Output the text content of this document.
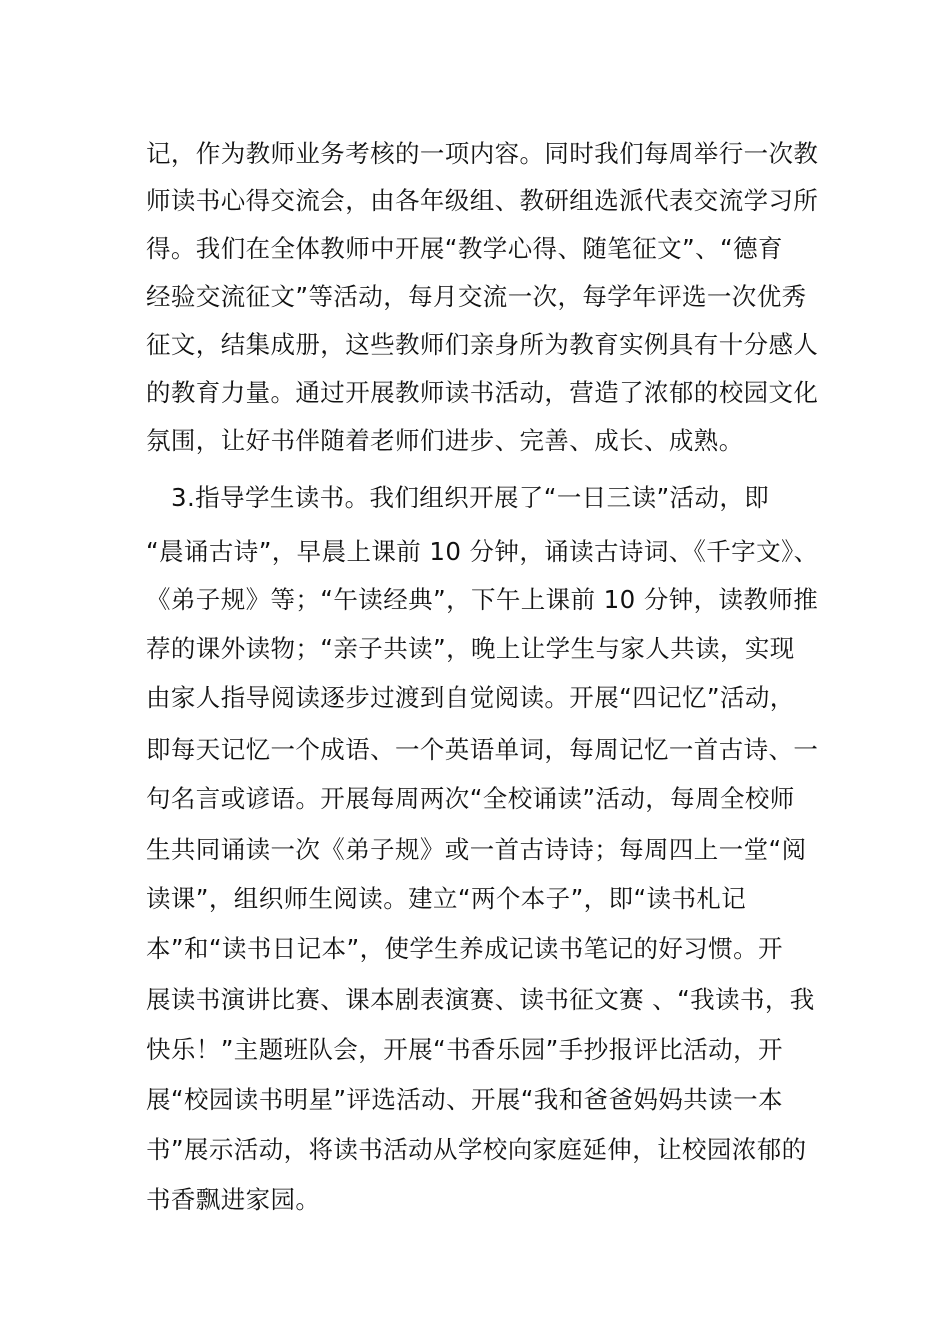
记，作为教师业务考核的一项内容。同时我们每周举行一次教
师读书心得交流会，由各年级组、教研组选派代表交流学习所
得。我们在全体教师中开展“教学心得、随笔征文”、“德育
经验交流征文”等活动，每月交流一次，每学年评选一次优秀
征文，结集成册，这些教师们亲身所为教育实例具有十分感人
的教育力量。通过开展教师读书活动，营造了浓郁的校园文化
氛围，让好书伴随着老师们进步、完善、成长、成熟。
3.指导学生读书。我们组织开展了“一日三读”活动，即
“晨诵古诗”，早晨上课前 10 分钟，诵读古诗词、《千字文》、
《弟子规》等；“午读经典”，下午上课前 10 分钟，读教师推
荐的课外读物；“亲子共读”，晚上让学生与家人共读，实现
由家人指导阅读逐步过渡到自觉阅读。开展“四记忆”活动，
即每天记忆一个成语、一个英语单词，每周记忆一首古诗、一
句名言或谚语。开展每周两次“全校诵读”活动，每周全校师
生共同诵读一次《弟子规》或一首古诗诗；每周四上一堂“阅
读课”，组织师生阅读。建立“两个本子”，即“读书札记
本”和“读书日记本”，使学生养成记读书笔记的好习惯。开
展读书演讲比赛、课本剧表演赛、读书征文赛 、“我读书，我
快乐！”主题班队会，开展“书香乐园”手抄报评比活动，开
展“校园读书明星”评选活动、开展“我和爸爸妈妈共读一本
书”展示活动，将读书活动从学校向家庭延伸，让校园浓郁的
书香飘进家园。
